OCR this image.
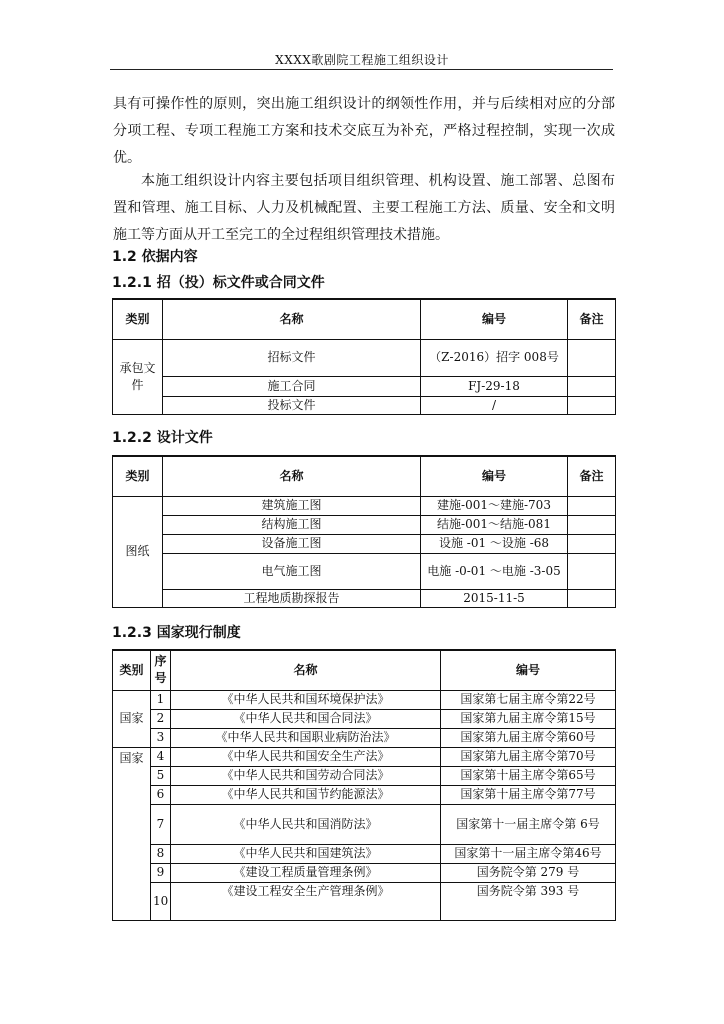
XXXX歌剧院工程施工组织设计

具有可操作性的原则，突出施工组织设计的纲领性作用，并与后续相对应的分部分项工程、专项工程施工方案和技术交底互为补充，严格过程控制，实现一次成优。

本施工组织设计内容主要包括项目组织管理、机构设置、施工部署、总图布置和管理、施工目标、人力及机械配置、主要工程施工方法、质量、安全和文明施工等方面从开工至完工的全过程组织管理技术措施。

1.2 依据内容
1.2.1 招（投）标文件或合同文件
类别	名称	编号	备注
承包文件	招标文件	（Z-2016）招字 008号	
	施工合同	FJ-29-18	
	投标文件	/	
1.2.2 设计文件
类别	名称	编号	备注
图纸	建筑施工图	建施-001～建施-703	
	结构施工图	结施-001～结施-081	
	设备施工图	设施 -01 ～设施 -68	
	电气施工图	电施 -0-01 ～电施 -3-05	
	工程地质勘探报告	2015-11-5	
1.2.3 国家现行制度
类别	序号	名称	编号
国家	1	《中华人民共和国环境保护法》	国家第七届主席令第22号
	2	《中华人民共和国合同法》	国家第九届主席令第15号
	3	《中华人民共和国职业病防治法》	国家第九届主席令第60号
国家	4	《中华人民共和国安全生产法》	国家第九届主席令第70号
	5	《中华人民共和国劳动合同法》	国家第十届主席令第65号
	6	《中华人民共和国节约能源法》	国家第十届主席令第77号
	7	《中华人民共和国消防法》	国家第十一届主席令第 6号
	8	《中华人民共和国建筑法》	国家第十一届主席令第46号
	9	《建设工程质量管理条例》	国务院令第 279 号
	10	《建设工程安全生产管理条例》	国务院令第 393 号
